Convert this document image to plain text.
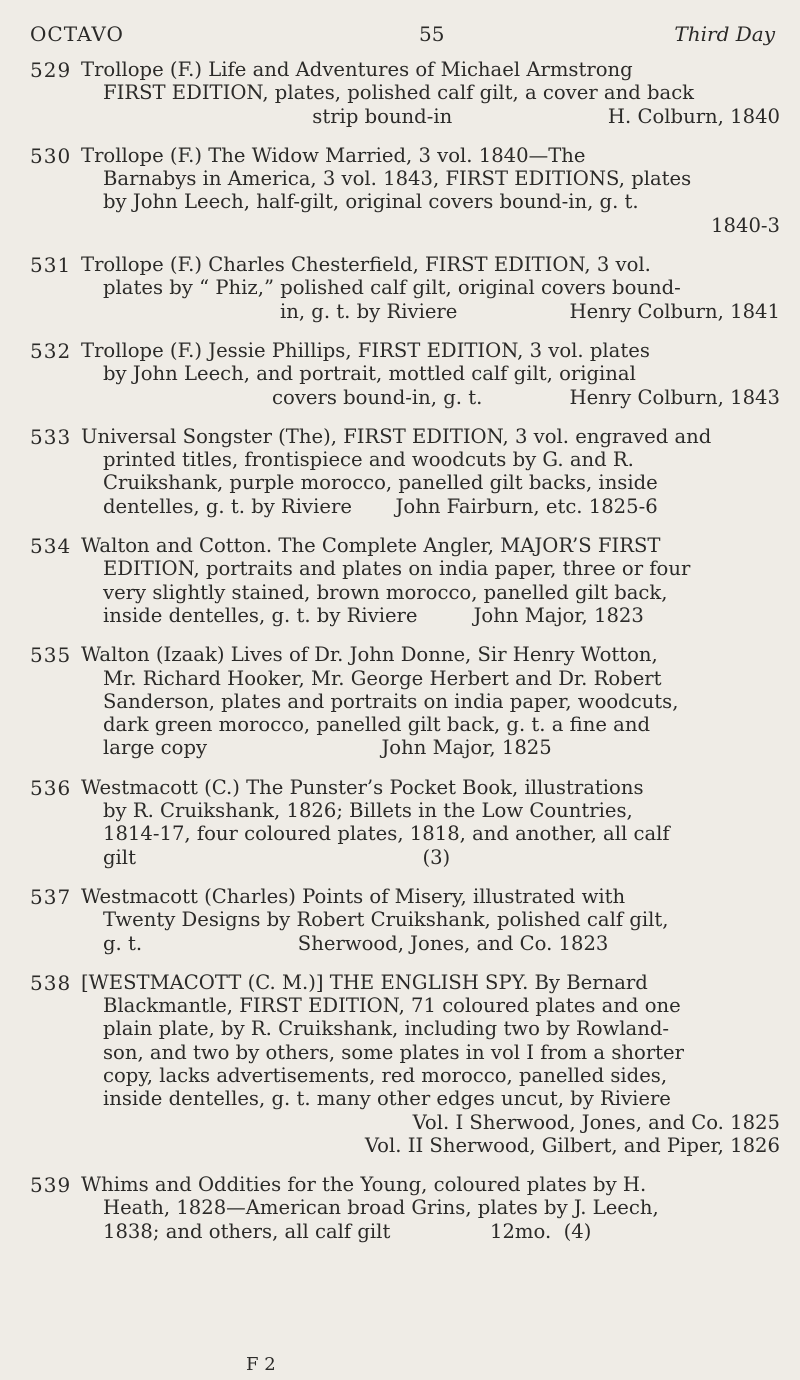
OCTAVO	55	Third Day
529 Trollope (F.) Life and Adventures of Michael Armstrong
FIRST EDITION, plates, polished calf gilt, a cover and back
strip bound-in                         H. Colburn, 1840
530 Trollope (F.) The Widow Married, 3 vol. 1840—The
Barnabys in America, 3 vol. 1843, FIRST EDITIONS, plates
by John Leech, half-gilt, original covers bound-in, g. t.
1840-3
531 Trollope (F.) Charles Chesterfield, FIRST EDITION, 3 vol.
plates by “ Phiz,” polished calf gilt, original covers bound-
in, g. t. by Riviere                  Henry Colburn, 1841
532 Trollope (F.) Jessie Phillips, FIRST EDITION, 3 vol. plates
by John Leech, and portrait, mottled calf gilt, original
covers bound-in, g. t.              Henry Colburn, 1843
533 Universal Songster (The), FIRST EDITION, 3 vol. engraved and
printed titles, frontispiece and woodcuts by G. and R.
Cruikshank, purple morocco, panelled gilt backs, inside
dentelles, g. t. by Riviere       John Fairburn, etc. 1825-6
534 Walton and Cotton. The Complete Angler, MAJOR’S FIRST
EDITION, portraits and plates on india paper, three or four
very slightly stained, brown morocco, panelled gilt back,
inside dentelles, g. t. by Riviere         John Major, 1823
535 Walton (Izaak) Lives of Dr. John Donne, Sir Henry Wotton,
Mr. Richard Hooker, Mr. George Herbert and Dr. Robert
Sanderson, plates and portraits on india paper, woodcuts,
dark green morocco, panelled gilt back, g. t. a fine and
large copy                            John Major, 1825
536 Westmacott (C.) The Punster’s Pocket Book, illustrations
by R. Cruikshank, 1826; Billets in the Low Countries,
1814-17, four coloured plates, 1818, and another, all calf
gilt                                              (3)
537 Westmacott (Charles) Points of Misery, illustrated with
Twenty Designs by Robert Cruikshank, polished calf gilt,
g. t.                         Sherwood, Jones, and Co. 1823
538 [WESTMACOTT (C. M.)] THE ENGLISH SPY. By Bernard
Blackmantle, FIRST EDITION, 71 coloured plates and one
plain plate, by R. Cruikshank, including two by Rowland-
son, and two by others, some plates in vol I from a shorter
copy, lacks advertisements, red morocco, panelled sides,
inside dentelles, g. t. many other edges uncut, by Riviere
Vol. I Sherwood, Jones, and Co. 1825
Vol. II Sherwood, Gilbert, and Piper, 1826
539 Whims and Oddities for the Young, coloured plates by H.
Heath, 1828—American broad Grins, plates by J. Leech,
1838; and others, all calf gilt                12mo.  (4)
F 2
